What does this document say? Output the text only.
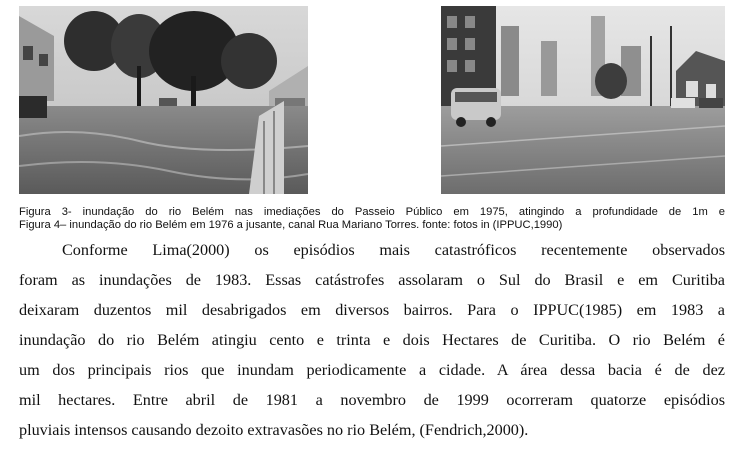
Figura 3- inundação do rio Belém nas imediações do Passeio Público em 1975, atingindo a profundidade de 1m e
Figura 4– inundação do rio Belém em 1976 a jusante, canal Rua Mariano Torres. fonte: fotos in (IPPUC,1990)
Conforme Lima(2000) os episódios mais catastróficos recentemente observados
foram as inundações de 1983. Essas catástrofes assolaram o Sul do Brasil e em Curitiba
deixaram duzentos mil desabrigados em diversos bairros. Para o IPPUC(1985) em 1983 a
inundação do rio Belém atingiu cento e trinta e dois Hectares de Curitiba. O rio Belém é
um dos principais rios que inundam periodicamente a cidade. A área dessa bacia é de dez
mil hectares. Entre abril de 1981 a novembro de 1999 ocorreram quatorze episódios
pluviais intensos causando dezoito extravasões no rio Belém, (Fendrich,2000).
